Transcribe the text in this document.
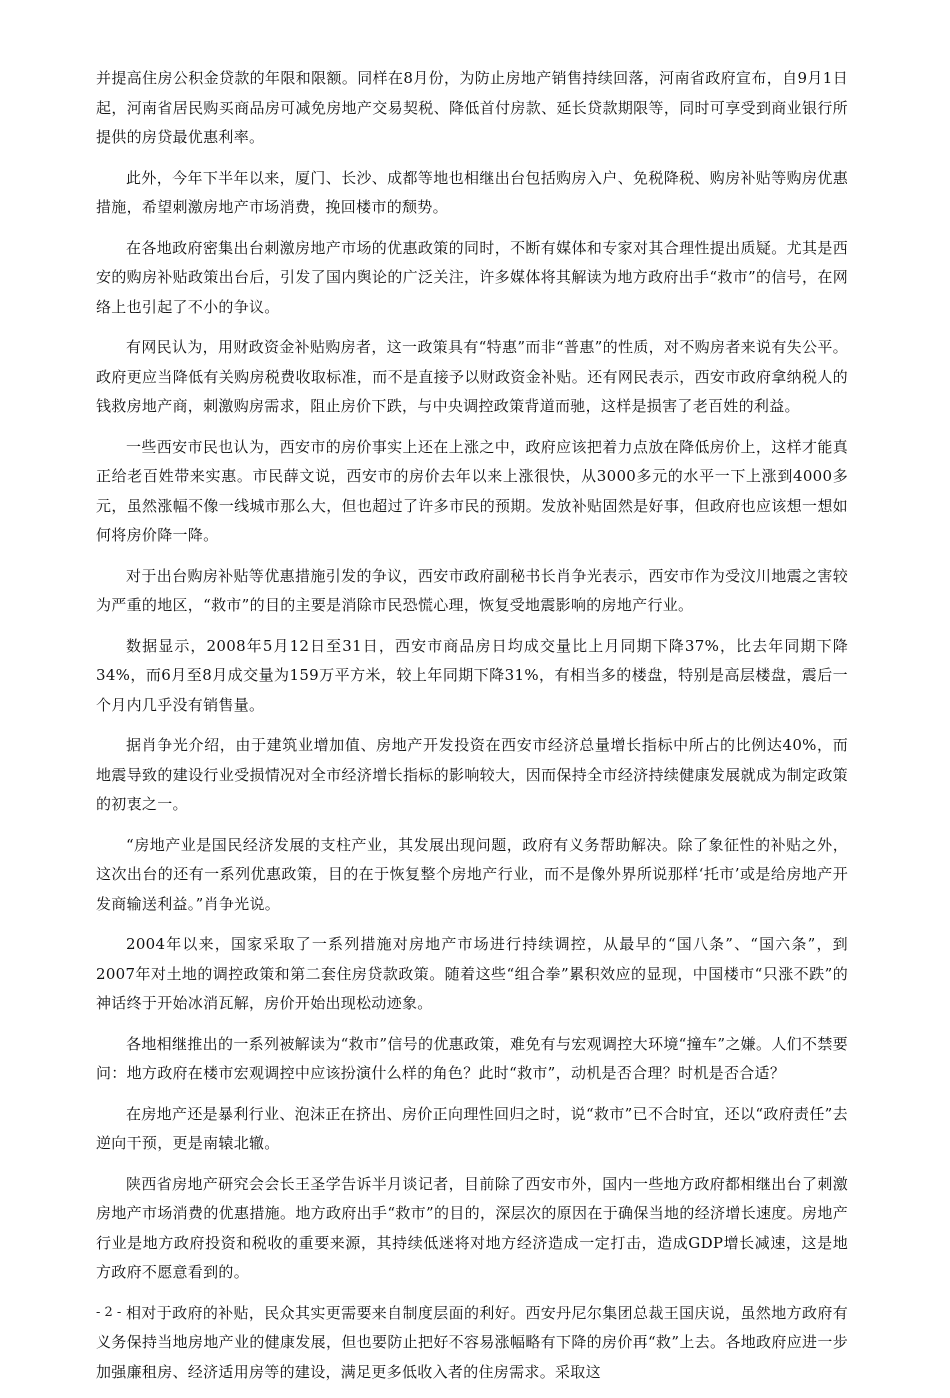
并提高住房公积金贷款的年限和限额。同样在8月份，为防止房地产销售持续回落，河南省政府宣布，自9月1日起，河南省居民购买商品房可减免房地产交易契税、降低首付房款、延长贷款期限等，同时可享受到商业银行所提供的房贷最优惠利率。

此外，今年下半年以来，厦门、长沙、成都等地也相继出台包括购房入户、免税降税、购房补贴等购房优惠措施，希望刺激房地产市场消费，挽回楼市的颓势。

在各地政府密集出台刺激房地产市场的优惠政策的同时，不断有媒体和专家对其合理性提出质疑。尤其是西安的购房补贴政策出台后，引发了国内舆论的广泛关注，许多媒体将其解读为地方政府出手“救市”的信号，在网络上也引起了不小的争议。

有网民认为，用财政资金补贴购房者，这一政策具有“特惠”而非“普惠”的性质，对不购房者来说有失公平。政府更应当降低有关购房税费收取标准，而不是直接予以财政资金补贴。还有网民表示，西安市政府拿纳税人的钱救房地产商，刺激购房需求，阻止房价下跌，与中央调控政策背道而驰，这样是损害了老百姓的利益。

一些西安市民也认为，西安市的房价事实上还在上涨之中，政府应该把着力点放在降低房价上，这样才能真正给老百姓带来实惠。市民薛文说，西安市的房价去年以来上涨很快，从3000多元的水平一下上涨到4000多元，虽然涨幅不像一线城市那么大，但也超过了许多市民的预期。发放补贴固然是好事，但政府也应该想一想如何将房价降一降。

对于出台购房补贴等优惠措施引发的争议，西安市政府副秘书长肖争光表示，西安市作为受汶川地震之害较为严重的地区，“救市”的目的主要是消除市民恐慌心理，恢复受地震影响的房地产行业。

数据显示，2008年5月12日至31日，西安市商品房日均成交量比上月同期下降37%，比去年同期下降34%，而6月至8月成交量为159万平方米，较上年同期下降31%，有相当多的楼盘，特别是高层楼盘，震后一个月内几乎没有销售量。

据肖争光介绍，由于建筑业增加值、房地产开发投资在西安市经济总量增长指标中所占的比例达40%，而地震导致的建设行业受损情况对全市经济增长指标的影响较大，因而保持全市经济持续健康发展就成为制定政策的初衷之一。

“房地产业是国民经济发展的支柱产业，其发展出现问题，政府有义务帮助解决。除了象征性的补贴之外，这次出台的还有一系列优惠政策，目的在于恢复整个房地产行业，而不是像外界所说那样‘托市’或是给房地产开发商输送利益。”肖争光说。

2004年以来，国家采取了一系列措施对房地产市场进行持续调控，从最早的“国八条”、“国六条”，到2007年对土地的调控政策和第二套住房贷款政策。随着这些“组合拳”累积效应的显现，中国楼市“只涨不跌”的神话终于开始冰消瓦解，房价开始出现松动迹象。

各地相继推出的一系列被解读为“救市”信号的优惠政策，难免有与宏观调控大环境“撞车”之嫌。人们不禁要问：地方政府在楼市宏观调控中应该扮演什么样的角色？此时“救市”，动机是否合理？时机是否合适？

在房地产还是暴利行业、泡沫正在挤出、房价正向理性回归之时，说“救市”已不合时宜，还以“政府责任”去逆向干预，更是南辕北辙。

陕西省房地产研究会会长王圣学告诉半月谈记者，目前除了西安市外，国内一些地方政府都相继出台了刺激房地产市场消费的优惠措施。地方政府出手“救市”的目的，深层次的原因在于确保当地的经济增长速度。房地产行业是地方政府投资和税收的重要来源，其持续低迷将对地方经济造成一定打击，造成GDP增长减速，这是地方政府不愿意看到的。

相对于政府的补贴，民众其实更需要来自制度层面的利好。西安丹尼尔集团总裁王国庆说，虽然地方政府有义务保持当地房地产业的健康发展，但也要防止把好不容易涨幅略有下降的房价再“救”上去。各地政府应进一步加强廉租房、经济适用房等的建设，满足更多低收入者的住房需求。采取这

- 2 -
